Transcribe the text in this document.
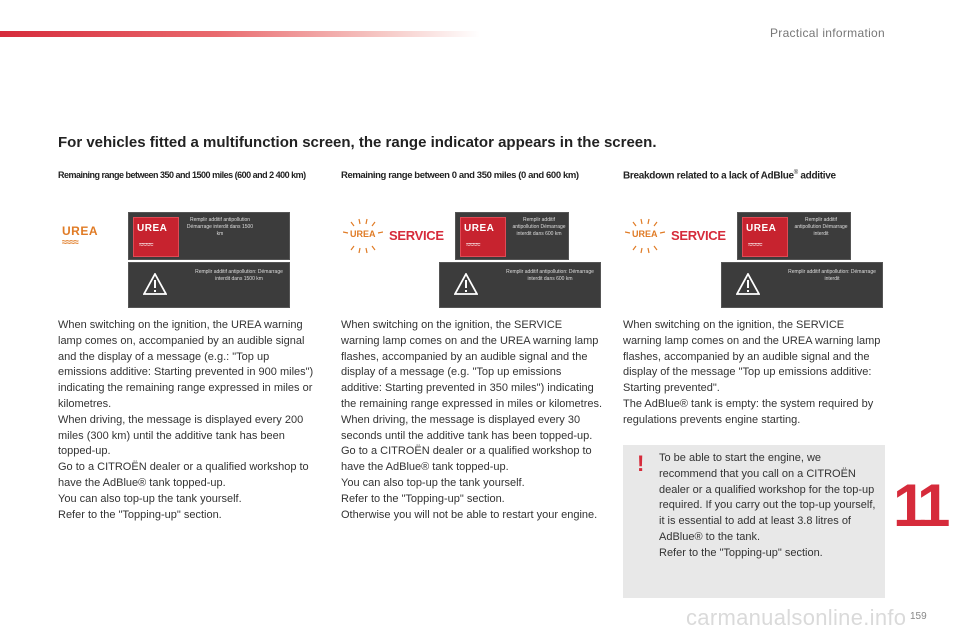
Practical information
For vehicles fitted a multifunction screen, the range indicator appears in the screen.
Remaining range between 350 and 1500 miles (600 and 2 400 km)
UREA
≈≈≈≈
UREA
≈≈≈≈
Remplir additif antipollution Démarrage interdit dans 1500 km
Remplir additif antipollution: Démarrage interdit dans 1500 km

When switching on the ignition, the UREA warning lamp comes on, accompanied by an audible signal and the display of a message (e.g.: "Top up emissions additive: Starting prevented in 900 miles") indicating the remaining range expressed in miles or kilometres.

When driving, the message is displayed every 200 miles (300 km) until the additive tank has been topped-up.

Go to a CITROËN dealer or a qualified workshop to have the AdBlue® tank topped-up.

You can also top-up the tank yourself.

Refer to the "Topping-up" section.

Remaining range between 0 and 350 miles (0 and 600 km)
UREA SERVICE UREA
≈≈≈≈
Remplir additif antipollution Démarrage interdit dans 600 km
Remplir additif antipollution: Démarrage interdit dans 600 km

When switching on the ignition, the SERVICE warning lamp comes on and the UREA warning lamp flashes, accompanied by an audible signal and the display of a message (e.g. "Top up emissions additive: Starting prevented in 350 miles") indicating the remaining range expressed in miles or kilometres.

When driving, the message is displayed every 30 seconds until the additive tank has been topped-up.

Go to a CITROËN dealer or a qualified workshop to have the AdBlue® tank topped-up.

You can also top-up the tank yourself.

Refer to the "Topping-up" section.

Otherwise you will not be able to restart your engine.

Breakdown related to a lack of AdBlue® additive
UREA SERVICE UREA
≈≈≈≈
Remplir additif antipollution Démarrage interdit
Remplir additif antipollution: Démarrage interdit

When switching on the ignition, the SERVICE warning lamp comes on and the UREA warning lamp flashes, accompanied by an audible signal and the display of the message "Top up emissions additive: Starting prevented".

The AdBlue® tank is empty: the system required by regulations prevents engine starting.

! To be able to start the engine, we recommend that you call on a CITROËN dealer or a qualified workshop for the top-up required. If you carry out the top-up yourself, it is essential to add at least 3.8 litres of AdBlue® to the tank.

Refer to the "Topping-up" section.

11
159
carmanualsonline.info
